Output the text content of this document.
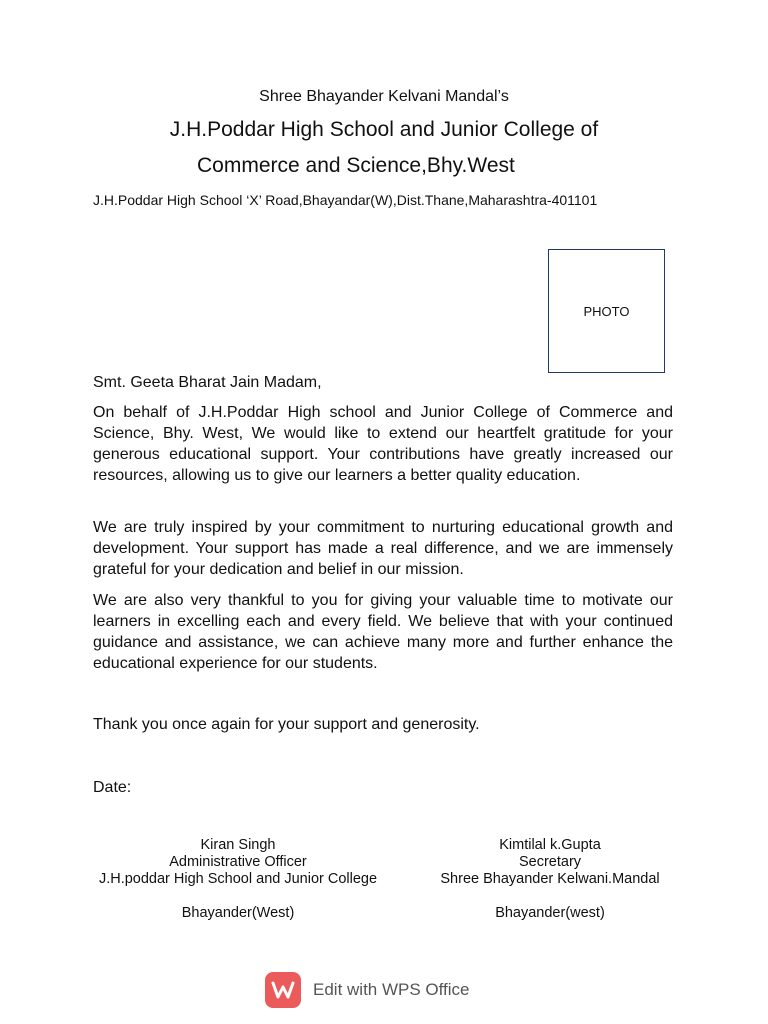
Shree Bhayander Kelvani Mandal’s
J.H.Poddar High School and Junior College of
Commerce and Science,Bhy.West
J.H.Poddar High School ‘X’ Road,Bhayandar(W),Dist.Thane,Maharashtra-401101
PHOTO
Smt. Geeta Bharat Jain Madam,
On behalf of J.H.Poddar High school and Junior College of Commerce and Science, Bhy. West, We would like to extend our heartfelt gratitude for your generous educational support. Your contributions have greatly increased our resources, allowing us to give our learners a better quality education.
We are truly inspired by your commitment to nurturing educational growth and development. Your support has made a real difference, and we are immensely grateful for your dedication and belief in our mission.
We are also very thankful to you for giving your valuable time to motivate our learners in excelling each and every field. We believe that with your continued guidance and assistance, we can achieve many more and further enhance the educational experience for our students.
Thank you once again for your support and generosity.
Date:
Kiran Singh
Administrative Officer
J.H.poddar High School and Junior College
Bhayander(West)
Kimtilal k.Gupta
Secretary
Shree Bhayander Kelwani.Mandal
Bhayander(west)
Edit with WPS Office
